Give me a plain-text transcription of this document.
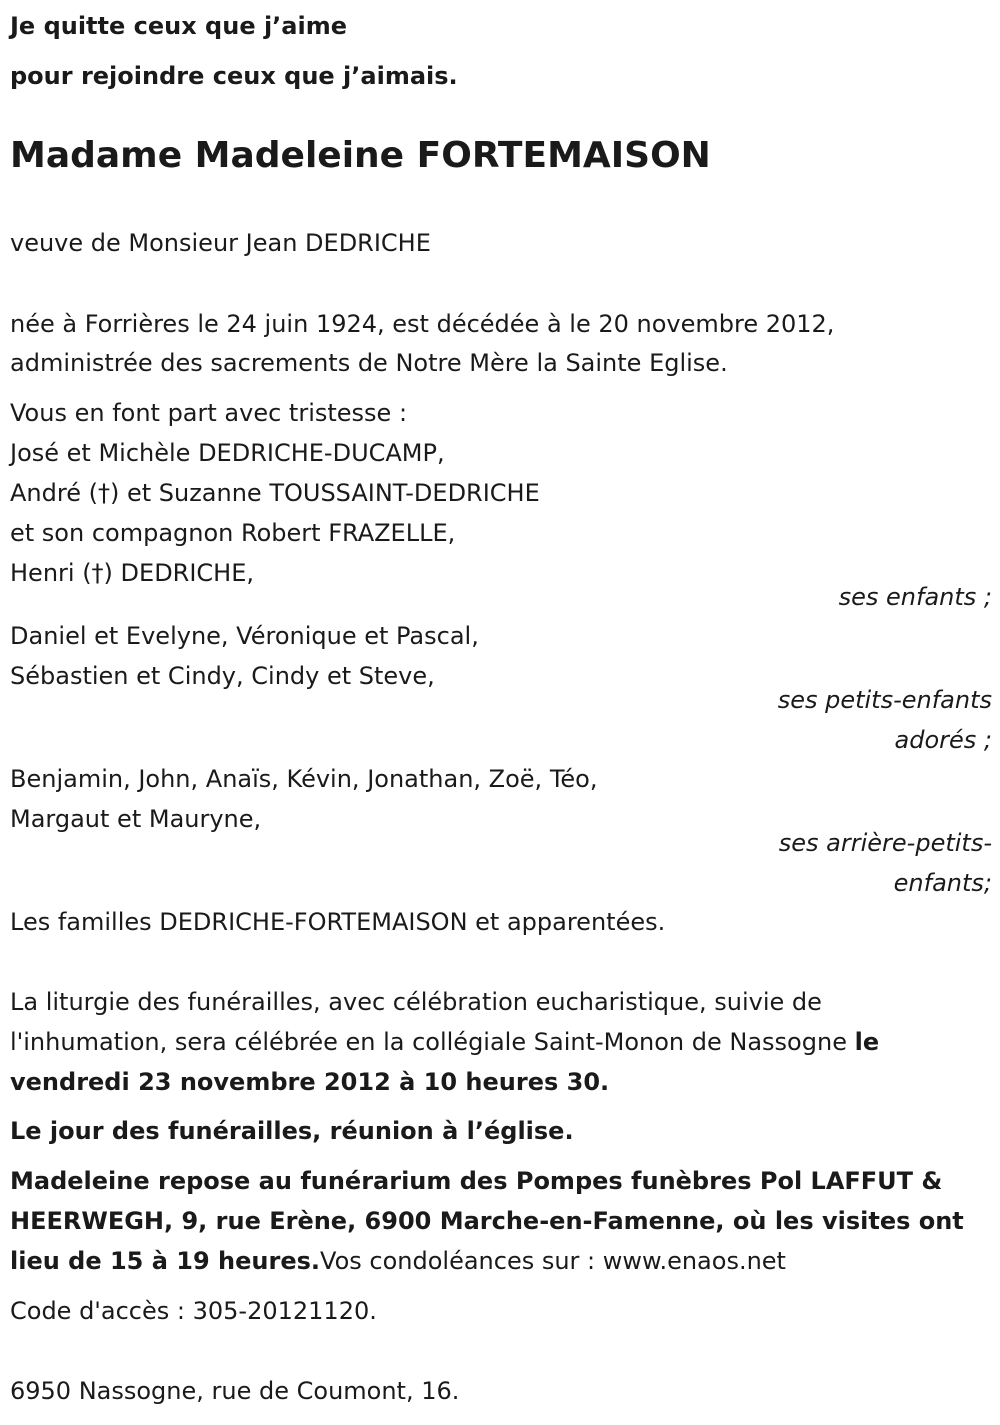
Je quitte ceux que j’aime
pour rejoindre ceux que j’aimais.
Madame Madeleine FORTEMAISON
veuve de Monsieur Jean DEDRICHE
née à Forrières le 24 juin 1924, est décédée à le 20 novembre 2012,
administrée des sacrements de Notre Mère la Sainte Eglise.
Vous en font part avec tristesse :
José et Michèle DEDRICHE-DUCAMP,
André (†) et Suzanne TOUSSAINT-DEDRICHE
et son compagnon Robert FRAZELLE,
Henri (†) DEDRICHE,
ses enfants ;
Daniel et Evelyne, Véronique et Pascal,
Sébastien et Cindy, Cindy et Steve,
ses petits-enfants
adorés ;
Benjamin, John, Anaïs, Kévin, Jonathan, Zoë, Téo,
Margaut et Mauryne,
ses arrière-petits-
enfants;
Les familles DEDRICHE-FORTEMAISON et apparentées.
La liturgie des funérailles, avec célébration eucharistique, suivie de
l'inhumation, sera célébrée en la collégiale Saint-Monon de Nassogne le
vendredi 23 novembre 2012 à 10 heures 30.
Le jour des funérailles, réunion à l’église.
Madeleine repose au funérarium des Pompes funèbres Pol LAFFUT &
HEERWEGH, 9, rue Erène, 6900 Marche-en-Famenne, où les visites ont
lieu de 15 à 19 heures.Vos condoléances sur : www.enaos.net
Code d'accès : 305-20121120.
6950 Nassogne, rue de Coumont, 16.
